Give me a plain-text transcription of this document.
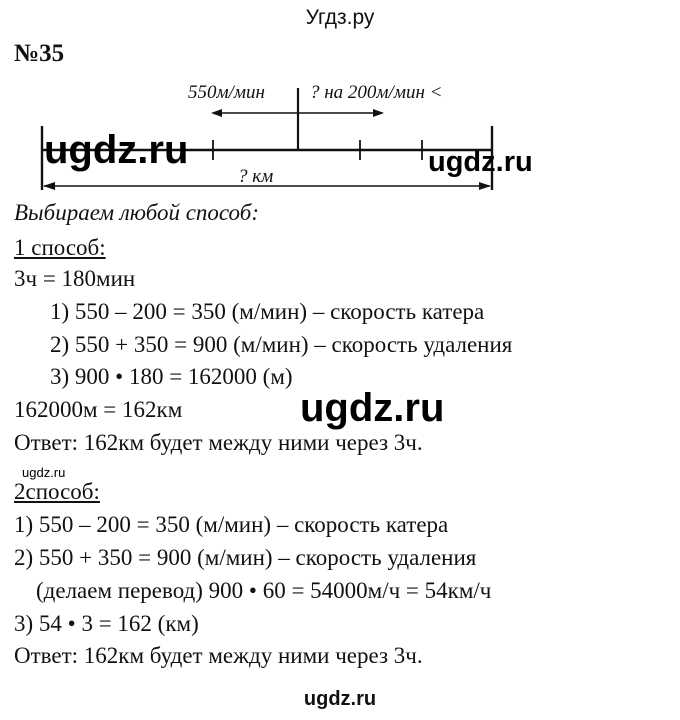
Угдз.ру
№35
550м/мин ? на 200м/мин <
? км
ugdz.ru	ugdz.ru
Выбираем любой способ:
1 способ:
3ч = 180мин
1) 550 – 200 = 350 (м/мин) – скорость катера
2) 550 + 350 = 900 (м/мин) – скорость удаления
3) 900 • 180 = 162000 (м)
162000м = 162км	ugdz.ru
Ответ: 162км будет между ними через 3ч.
ugdz.ru
2способ:
1) 550 – 200 = 350 (м/мин) – скорость катера
2) 550 + 350 = 900 (м/мин) – скорость удаления
(делаем перевод) 900 • 60 = 54000м/ч = 54км/ч
3) 54 • 3 = 162 (км)
Ответ: 162км будет между ними через 3ч.
ugdz.ru
